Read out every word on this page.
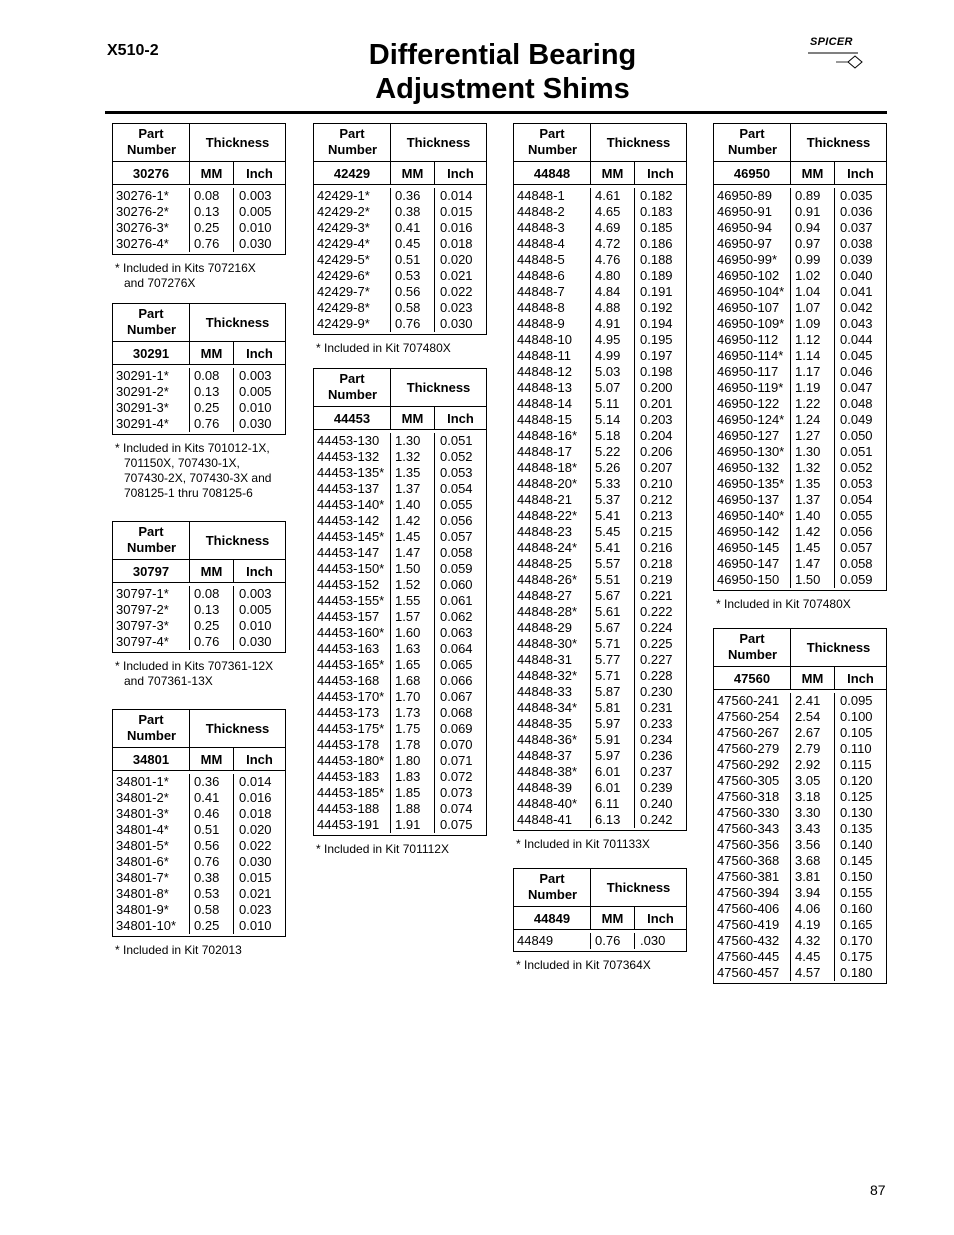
X510-2	Differential Bearing
Adjustment Shims
SPICER
Part Number	Thickness
30276	MM	Inch
30276-1*	0.08	0.003
30276-2*	0.13	0.005
30276-3*	0.25	0.010
30276-4*	0.76	0.030
* Included in Kits 707216X
and 707276X
Part Number	Thickness
30291	MM	Inch
30291-1*	0.08	0.003
30291-2*	0.13	0.005
30291-3*	0.25	0.010
30291-4*	0.76	0.030
* Included in Kits 701012-1X,
701150X, 707430-1X,
707430-2X, 707430-3X and
708125-1 thru 708125-6
Part Number	Thickness
30797	MM	Inch
30797-1*	0.08	0.003
30797-2*	0.13	0.005
30797-3*	0.25	0.010
30797-4*	0.76	0.030
* Included in Kits 707361-12X
and 707361-13X
Part Number	Thickness
34801	MM	Inch
34801-1*	0.36	0.014
34801-2*	0.41	0.016
34801-3*	0.46	0.018
34801-4*	0.51	0.020
34801-5*	0.56	0.022
34801-6*	0.76	0.030
34801-7*	0.38	0.015
34801-8*	0.53	0.021
34801-9*	0.58	0.023
34801-10*	0.25	0.010
* Included in Kit 702013
Part Number	Thickness
42429	MM	Inch
42429-1*	0.36	0.014
42429-2*	0.38	0.015
42429-3*	0.41	0.016
42429-4*	0.45	0.018
42429-5*	0.51	0.020
42429-6*	0.53	0.021
42429-7*	0.56	0.022
42429-8*	0.58	0.023
42429-9*	0.76	0.030
* Included in Kit 707480X
Part Number	Thickness
44453	MM	Inch
44453-130	1.30	0.051
44453-132	1.32	0.052
44453-135* 1.35	0.053
44453-137	1.37	0.054
44453-140* 1.40	0.055
44453-142	1.42	0.056
44453-145* 1.45	0.057
44453-147	1.47	0.058
44453-150* 1.50	0.059
44453-152	1.52	0.060
44453-155* 1.55	0.061
44453-157	1.57	0.062
44453-160* 1.60	0.063
44453-163	1.63	0.064
44453-165* 1.65	0.065
44453-168	1.68	0.066
44453-170* 1.70	0.067
44453-173	1.73	0.068
44453-175* 1.75	0.069
44453-178	1.78	0.070
44453-180* 1.80	0.071
44453-183	1.83	0.072
44453-185* 1.85	0.073
44453-188	1.88	0.074
44453-191	1.91	0.075
* Included in Kit 701112X
Part Number	Thickness
44848	MM	Inch
44848-1	4.61	0.182
44848-2	4.65	0.183
44848-3	4.69	0.185
44848-4	4.72	0.186
44848-5	4.76	0.188
44848-6	4.80	0.189
44848-7	4.84	0.191
44848-8	4.88	0.192
44848-9	4.91	0.194
44848-10	4.95	0.195
44848-11	4.99	0.197
44848-12	5.03	0.198
44848-13	5.07	0.200
44848-14	5.11	0.201
44848-15	5.14	0.203
44848-16*	5.18	0.204
44848-17	5.22	0.206
44848-18*	5.26	0.207
44848-20*	5.33	0.210
44848-21	5.37	0.212
44848-22*	5.41	0.213
44848-23	5.45	0.215
44848-24*	5.41	0.216
44848-25	5.57	0.218
44848-26*	5.51	0.219
44848-27	5.67	0.221
44848-28*	5.61	0.222
44848-29	5.67	0.224
44848-30*	5.71	0.225
44848-31	5.77	0.227
44848-32*	5.71	0.228
44848-33	5.87	0.230
44848-34*	5.81	0.231
44848-35	5.97	0.233
44848-36*	5.91	0.234
44848-37	5.97	0.236
44848-38*	6.01	0.237
44848-39	6.01	0.239
44848-40*	6.11	0.240
44848-41	6.13	0.242
* Included in Kit 701133X
Part Number	Thickness
44849	MM	Inch
44849	0.76	.030
* Included in Kit 707364X
Part Number	Thickness
46950	MM	Inch
46950-89	0.89	0.035
46950-91	0.91	0.036
46950-94	0.94	0.037
46950-97	0.97	0.038
46950-99*	0.99	0.039
46950-102	1.02	0.040
46950-104* 1.04	0.041
46950-107	1.07	0.042
46950-109* 1.09	0.043
46950-112	1.12	0.044
46950-114* 1.14	0.045
46950-117	1.17	0.046
46950-119* 1.19	0.047
46950-122	1.22	0.048
46950-124* 1.24	0.049
46950-127	1.27	0.050
46950-130* 1.30	0.051
46950-132	1.32	0.052
46950-135* 1.35	0.053
46950-137	1.37	0.054
46950-140* 1.40	0.055
46950-142	1.42	0.056
46950-145	1.45	0.057
46950-147	1.47	0.058
46950-150	1.50	0.059
* Included in Kit 707480X
Part Number	Thickness
47560	MM	Inch
47560-241	2.41	0.095
47560-254	2.54	0.100
47560-267	2.67	0.105
47560-279	2.79	0.110
47560-292	2.92	0.115
47560-305	3.05	0.120
47560-318	3.18	0.125
47560-330	3.30	0.130
47560-343	3.43	0.135
47560-356	3.56	0.140
47560-368	3.68	0.145
47560-381	3.81	0.150
47560-394	3.94	0.155
47560-406	4.06	0.160
47560-419	4.19	0.165
47560-432	4.32	0.170
47560-445	4.45	0.175
47560-457	4.57	0.180
87
